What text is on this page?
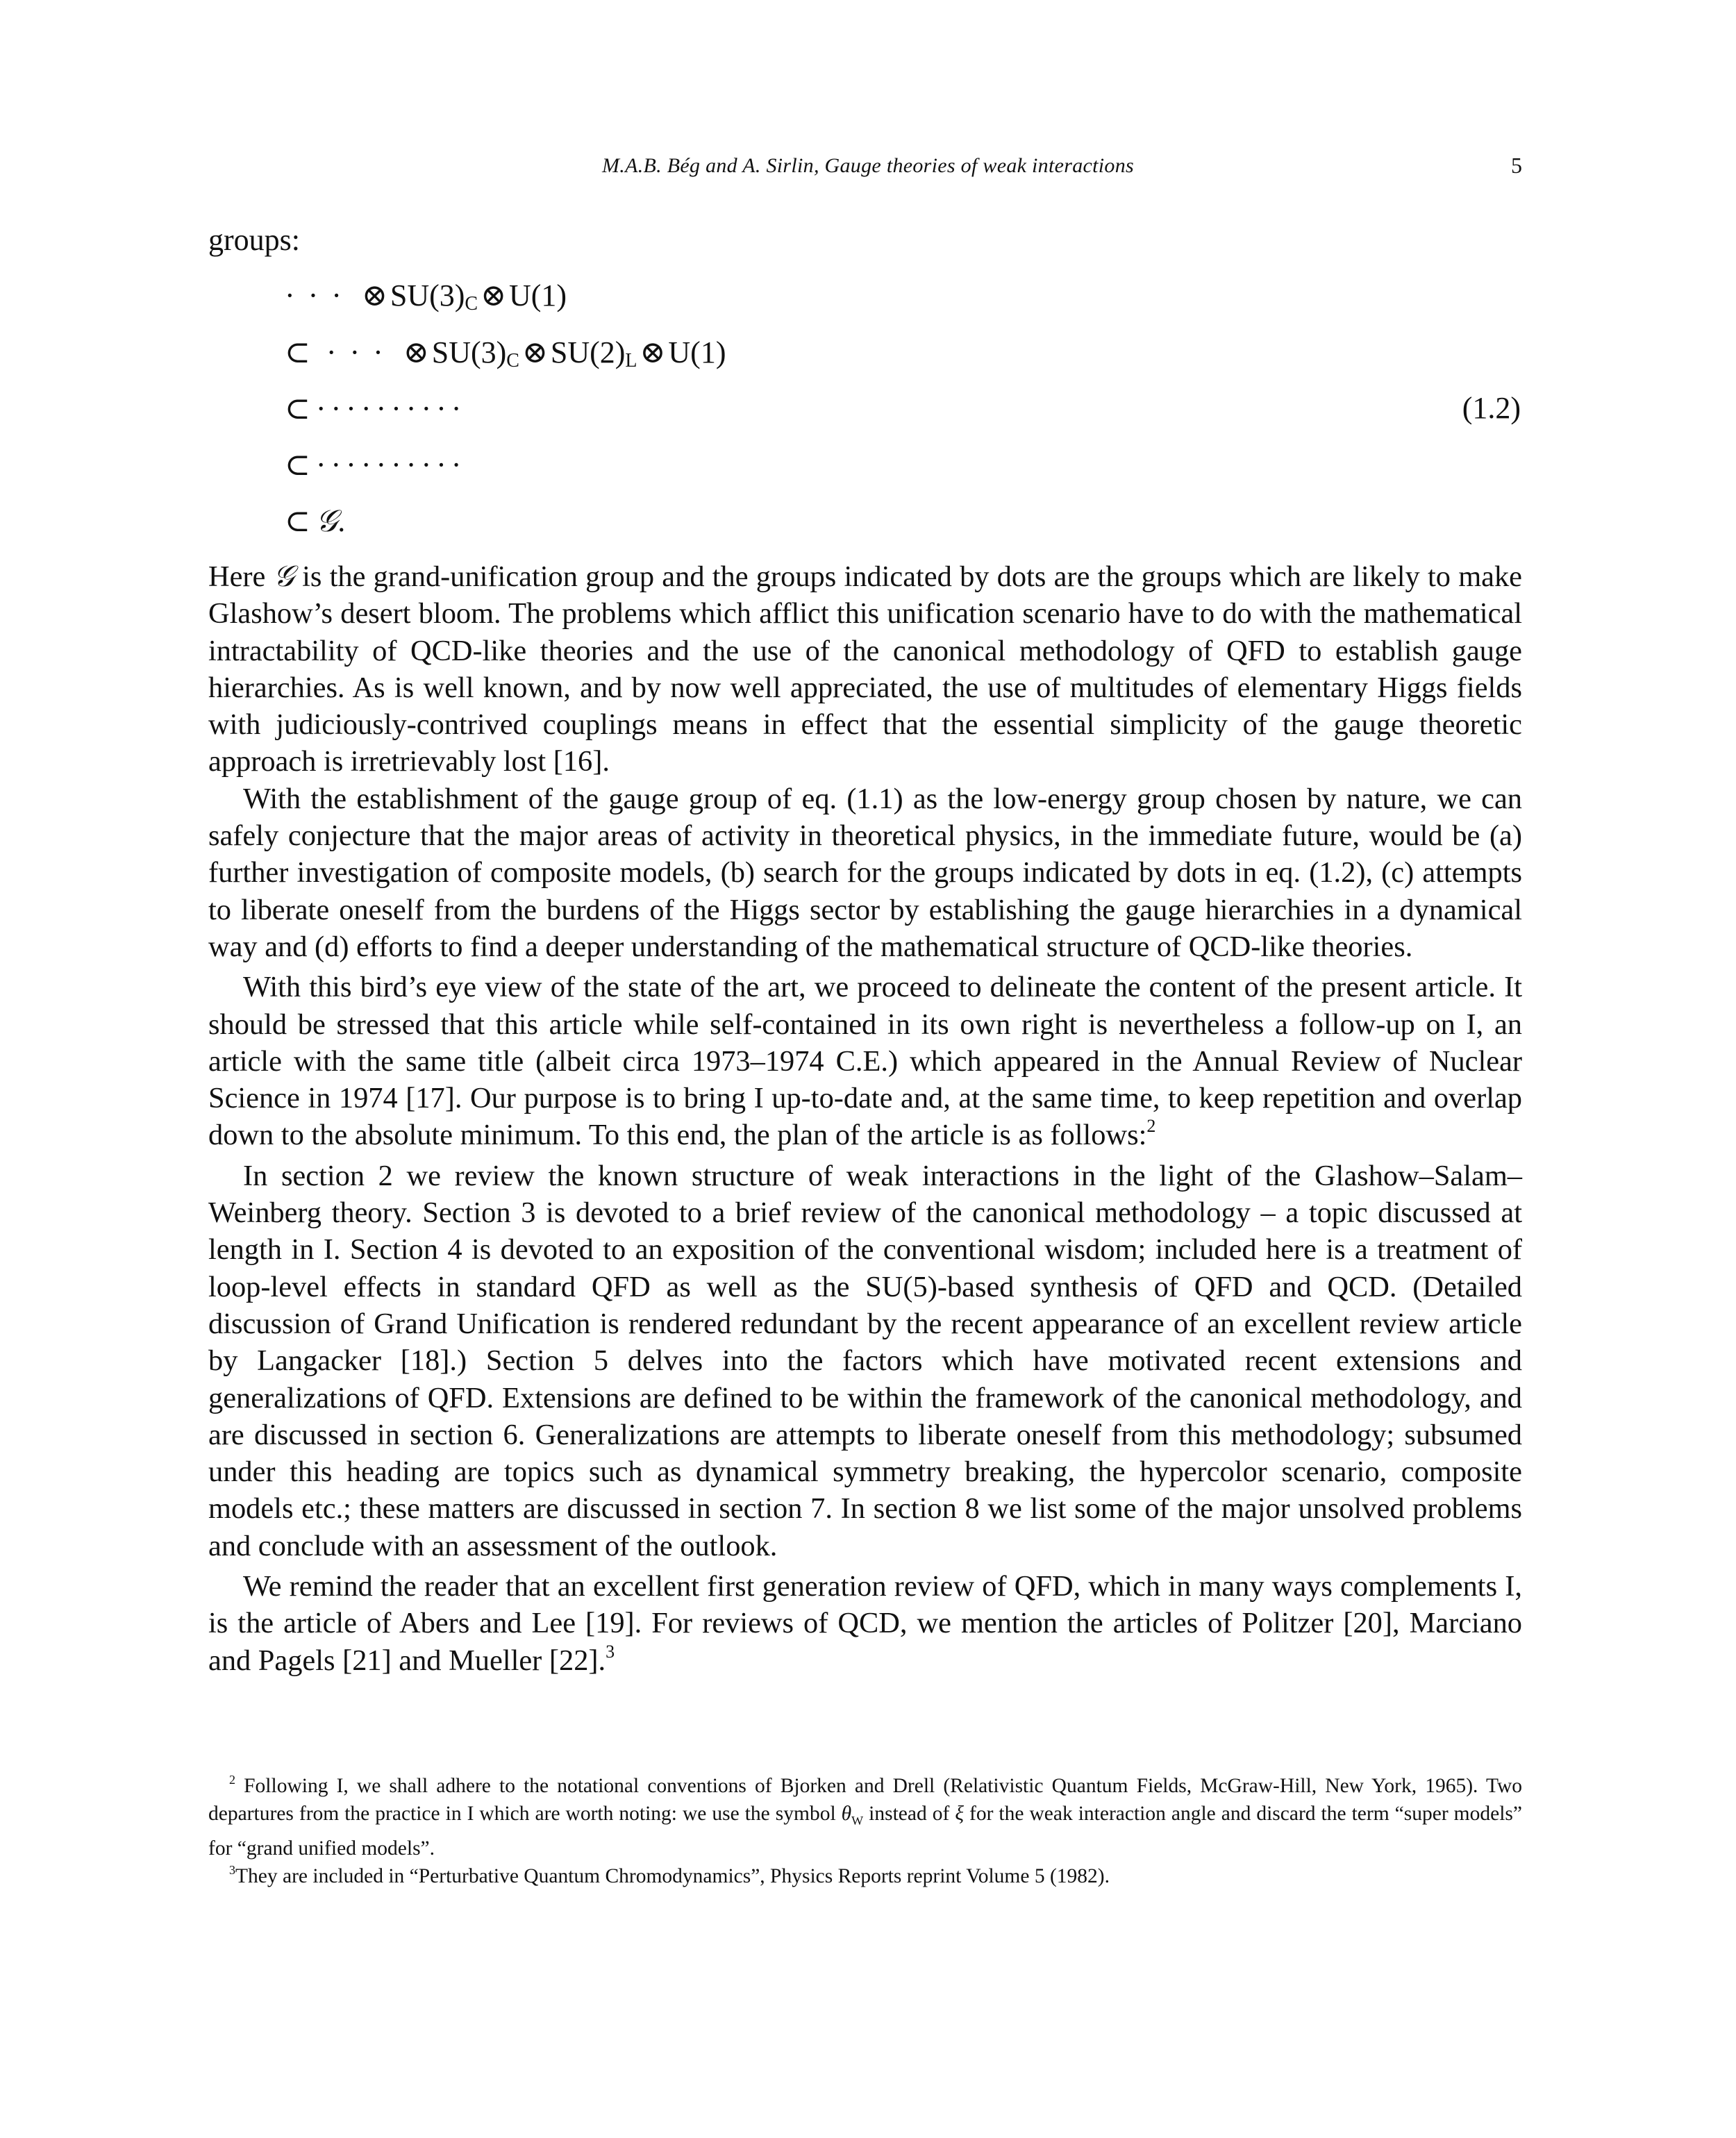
M.A.B. Bég and A. Sirlin, Gauge theories of weak interactions	5
groups:
· · · $\otimes SU(3)_C\otimes U(1)$
⊂ · · · $\otimes SU(3)_C\otimes SU(2)_L\otimes U(1)$
⊂ ··········
⊂ ··········
⊂ 𝒢.
(1.2)

Here 𝒢 is the grand-unification group and the groups indicated by dots are the groups which are likely to make Glashow’s desert bloom. The problems which afflict this unification scenario have to do with the mathematical intractability of QCD-like theories and the use of the canonical methodology of QFD to establish gauge hierarchies. As is well known, and by now well appreciated, the use of multitudes of elementary Higgs fields with judiciously-contrived couplings means in effect that the essential simplicity of the gauge theoretic approach is irretrievably lost [16].

With the establishment of the gauge group of eq. (1.1) as the low-energy group chosen by nature, we can safely conjecture that the major areas of activity in theoretical physics, in the immediate future, would be (a) further investigation of composite models, (b) search for the groups indicated by dots in eq. (1.2), (c) attempts to liberate oneself from the burdens of the Higgs sector by establishing the gauge hierarchies in a dynamical way and (d) efforts to find a deeper understanding of the mathematical structure of QCD-like theories.

With this bird’s eye view of the state of the art, we proceed to delineate the content of the present article. It should be stressed that this article while self-contained in its own right is nevertheless a follow-up on I, an article with the same title (albeit circa 1973–1974 C.E.) which appeared in the Annual Review of Nuclear Science in 1974 [17]. Our purpose is to bring I up-to-date and, at the same time, to keep repetition and overlap down to the absolute minimum. To this end, the plan of the article is as follows:$^2$

In section 2 we review the known structure of weak interactions in the light of the Glashow–Salam–Weinberg theory. Section 3 is devoted to a brief review of the canonical methodology – a topic discussed at length in I. Section 4 is devoted to an exposition of the conventional wisdom; included here is a treatment of loop-level effects in standard QFD as well as the SU(5)-based synthesis of QFD and QCD. (Detailed discussion of Grand Unification is rendered redundant by the recent appearance of an excellent review article by Langacker [18].) Section 5 delves into the factors which have motivated recent extensions and generalizations of QFD. Extensions are defined to be within the framework of the canonical methodology, and are discussed in section 6. Generalizations are attempts to liberate oneself from this methodology; subsumed under this heading are topics such as dynamical symmetry breaking, the hypercolor scenario, composite models etc.; these matters are discussed in section 7. In section 8 we list some of the major unsolved problems and conclude with an assessment of the outlook.

We remind the reader that an excellent first generation review of QFD, which in many ways complements I, is the article of Abers and Lee [19]. For reviews of QCD, we mention the articles of Politzer [20], Marciano and Pagels [21] and Mueller [22].$^3$

$^2$ Following I, we shall adhere to the notational conventions of Bjorken and Drell (Relativistic Quantum Fields, McGraw-Hill, New York, 1965). Two departures from the practice in I which are worth noting: we use the symbol $\theta_W$ instead of ξ for the weak interaction angle and discard the term “super models” for “grand unified models”.

$^3$They are included in “Perturbative Quantum Chromodynamics”, Physics Reports reprint Volume 5 (1982).
